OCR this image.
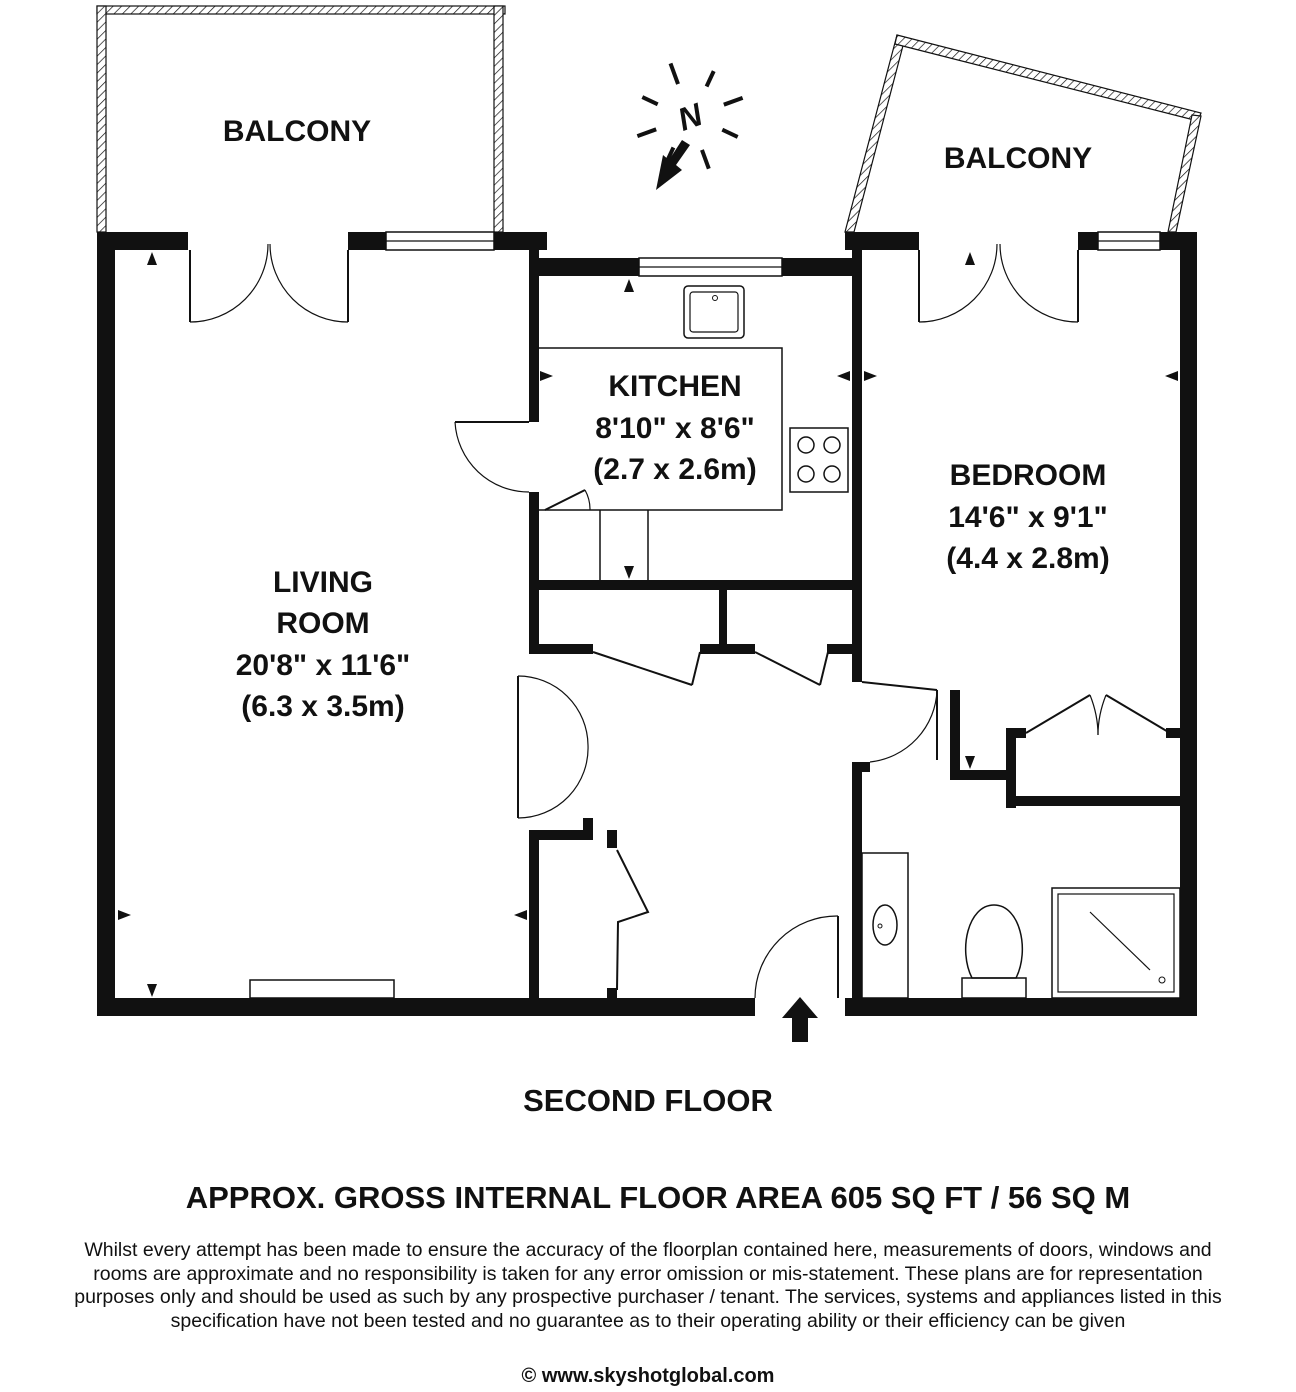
BALCONY
BALCONY
KITCHEN
8'10" x 8'6"
(2.7 x 2.6m)	BEDROOM
14'6" x 9'1"
(4.4 x 2.8m)
LIVING
ROOM
20'8" x 11'6"
(6.3 x 3.5m)
N

SECOND FLOOR

APPROX. GROSS INTERNAL FLOOR AREA 605 SQ FT / 56 SQ M

Whilst every attempt has been made to ensure the accuracy of the floorplan contained here, measurements of doors, windows and
rooms are approximate and no responsibility is taken for any error omission or mis-statement. These plans are for representation
purposes only and should be used as such by any prospective purchaser / tenant. The services, systems and appliances listed in this
specification have not been tested and no guarantee as to their operating ability or their efficiency can be given

© www.skyshotglobal.com
